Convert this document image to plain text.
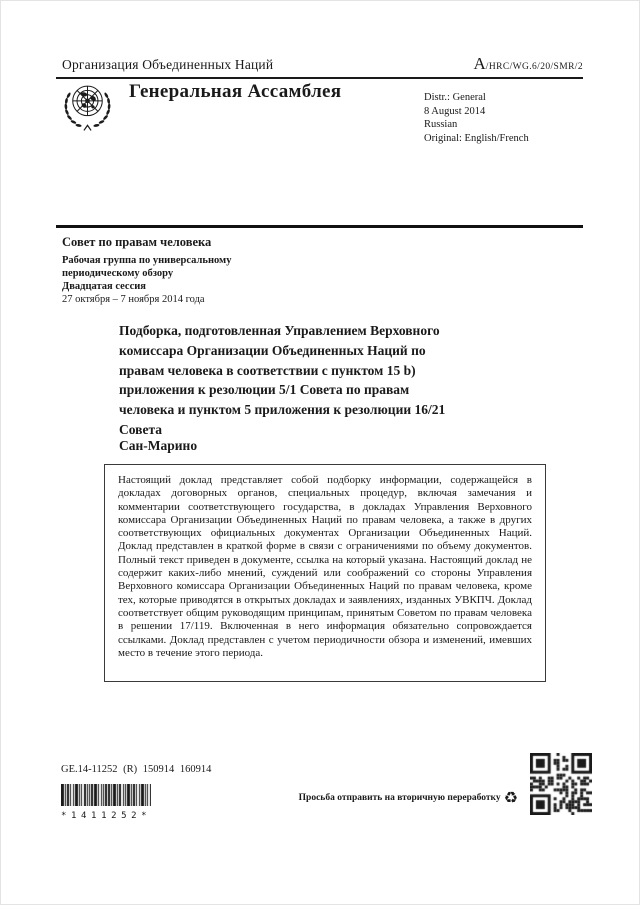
Организация Объединенных Наций	A/HRC/WG.6/20/SMR/2
Генеральная Ассамблея	Distr.: General
8 August 2014
Russian
Original: English/French
Совет по правам человека
Рабочая группа по универсальному
периодическому обзору
Двадцатая сессия
27 октября – 7 ноября 2014 года
Подборка, подготовленная Управлением Верховного
комиссара Организации Объединенных Наций по
правам человека в соответствии с пунктом 15 b)
приложения к резолюции 5/1 Совета по правам
человека и пунктом 5 приложения к резолюции 16/21
Совета
Сан-Марино

Настоящий доклад представляет собой подборку информации, содержащейся в докладах договорных органов, специальных процедур, включая замечания и комментарии соответствующего государства, в докладах Управления Верховного комиссара Организации Объединенных Наций по правам человека, а также в других соответствующих официальных документах Организации Объединенных Наций. Доклад представлен в краткой форме в связи с ограничениями по объему документов. Полный текст приведен в документе, ссылка на который указана. Настоящий доклад не содержит каких-либо мнений, суждений или соображений со стороны Управления Верховного комиссара Организации Объединенных Наций по правам человека, кроме тех, которые приводятся в открытых докладах и заявлениях, изданных УВКПЧ. Доклад соответствует общим руководящим принципам, принятым Советом по правам человека в решении 17/119. Включенная в него информация обязательно сопровождается ссылками. Доклад представлен с учетом периодичности обзора и изменений, имевших место в течение этого периода.

GE.14-11252 (R) 150914 160914
*1411252*
Просьба отправить на вторичную переработку ♻
